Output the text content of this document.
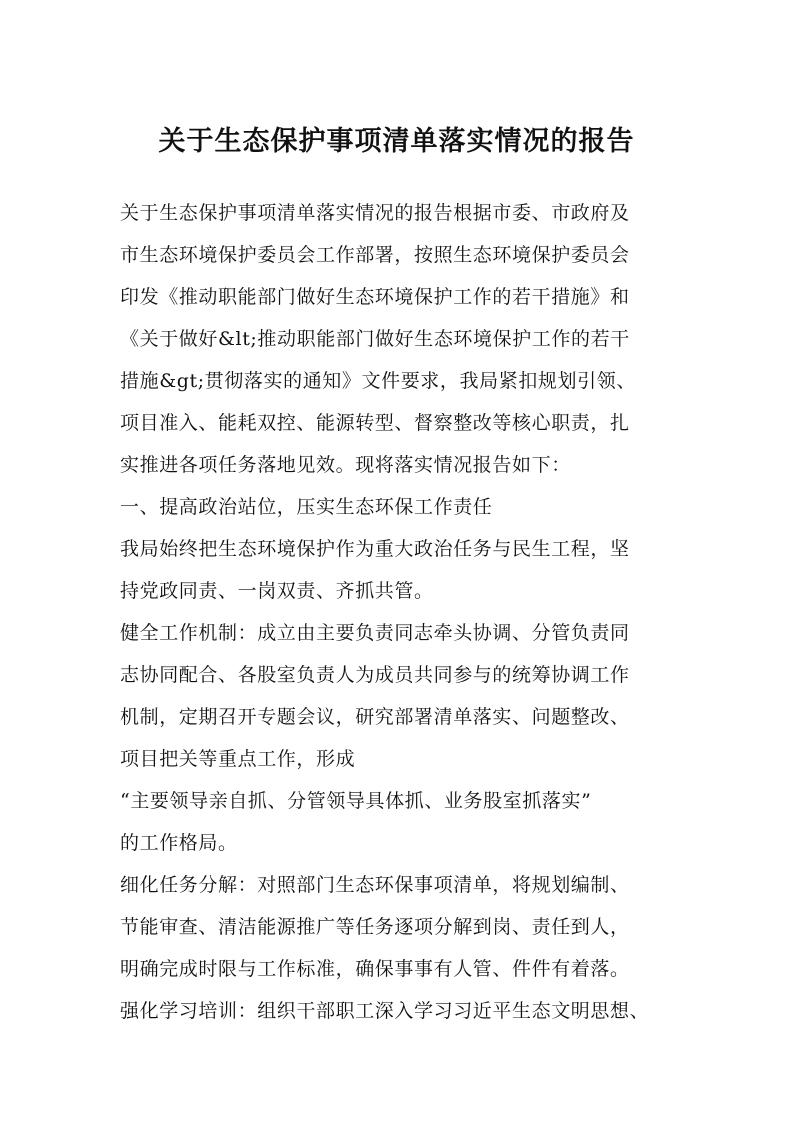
关于生态保护事项清单落实情况的报告
关于生态保护事项清单落实情况的报告根据市委、市政府及
市生态环境保护委员会工作部署，按照生态环境保护委员会
印发《推动职能部门做好生态环境保护工作的若干措施》和
《关于做好&lt;推动职能部门做好生态环境保护工作的若干
措施&gt;贯彻落实的通知》文件要求，我局紧扣规划引领、
项目准入、能耗双控、能源转型、督察整改等核心职责，扎
实推进各项任务落地见效。现将落实情况报告如下：
一、提高政治站位，压实生态环保工作责任
我局始终把生态环境保护作为重大政治任务与民生工程，坚
持党政同责、一岗双责、齐抓共管。
健全工作机制：成立由主要负责同志牵头协调、分管负责同
志协同配合、各股室负责人为成员共同参与的统筹协调工作
机制，定期召开专题会议，研究部署清单落实、问题整改、
项目把关等重点工作，形成
“主要领导亲自抓、分管领导具体抓、业务股室抓落实”
的工作格局。
细化任务分解：对照部门生态环保事项清单，将规划编制、
节能审查、清洁能源推广等任务逐项分解到岗、责任到人，
明确完成时限与工作标准，确保事事有人管、件件有着落。
强化学习培训：组织干部职工深入学习习近平生态文明思想、
